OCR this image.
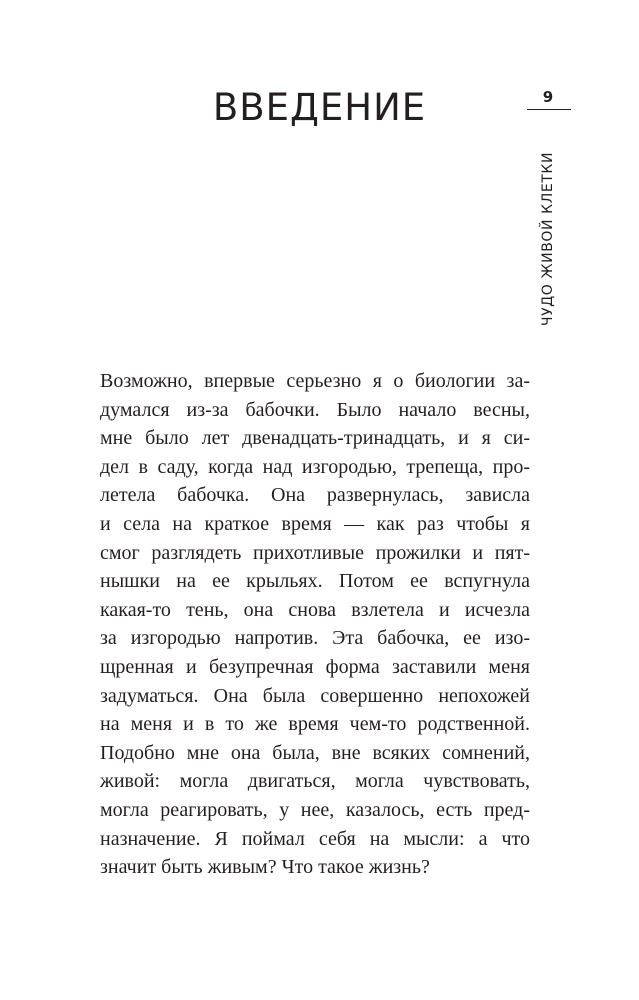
ВВЕДЕНИЕ	9
ЧУДО ЖИВОЙ КЛЕТКИ
Возможно, впервые серьезно я о биологии за-
думался из-за бабочки. Было начало весны,
мне было лет двенадцать-тринадцать, и я си-
дел в саду, когда над изгородью, трепеща, про-
летела бабочка. Она развернулась, зависла
и села на краткое время — как раз чтобы я
смог разглядеть прихотливые прожилки и пят-
нышки на ее крыльях. Потом ее вспугнула
какая-то тень, она снова взлетела и исчезла
за изгородью напротив. Эта бабочка, ее изо-
щренная и безупречная форма заставили меня
задуматься. Она была совершенно непохожей
на меня и в то же время чем-то родственной.
Подобно мне она была, вне всяких сомнений,
живой: могла двигаться, могла чувствовать,
могла реагировать, у нее, казалось, есть пред-
назначение. Я поймал себя на мысли: а что
значит быть живым? Что такое жизнь?
